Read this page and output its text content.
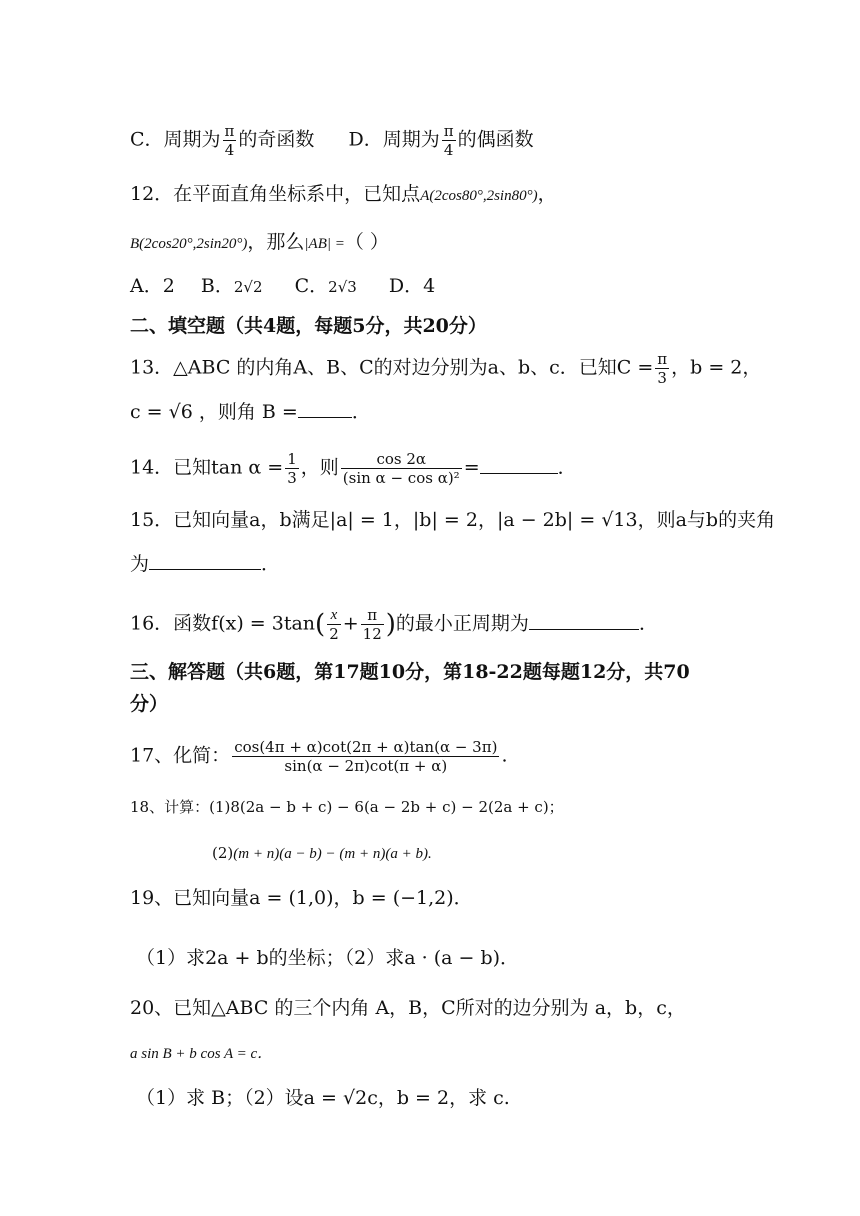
C．周期为 $\frac{\pi}{4}$ 的奇函数 D．周期为 $\frac{\pi}{4}$ 的偶函数
12．在平面直角坐标系中，已知点A(2cos80°,2sin80°)，
B(2cos20°,2sin20°)，那么|AB| =（ ）
A．2 B．2√2 C．2√3 D．4
二、填空题（共4题，每题5分，共20分）
13．△ABC 的内角A、B、C的对边分别为a、b、c．已知$C = \frac{\pi}{3}$ ，b = 2，
c = √6 ，则角 B =	．
14．已知$\tan \alpha = \frac{1}{3}$ ，则 $\frac{\cos 2\alpha}{\text{(sin α − cos α)²}}$ =	．
15．已知向量a，b满足|a| = 1，|b| = 2，|a − 2b| = √13，则a与b的夹角
为	．
16．函数$f(x) = 3\tan( \frac{x}{2} + \frac{\pi}{12}$ )的最小正周期为	．
三、解答题（共6题，第17题10分，第18-22题每题12分，共70
分）
17、化简： $\frac{\cos(4\pi + \alpha)\cot(2\pi + \alpha)\tan(\alpha - 3\pi)}{\sin(\alpha - 2\pi)\cot(\pi + \alpha)}$ .
18、计算：(1)8(2a − b + c) − 6(a − 2b + c) − 2(2a + c)；
(2)(m + n)(a − b) − (m + n)(a + b).
19、已知向量a = (1,0)，b = (−1,2)．
（1）求2a + b的坐标；（2）求a · (a − b)．
20、已知△ABC 的三个内角 A，B，C所对的边分别为 a，b，c，
a sin B + b cos A = c．
（1）求 B；（2）设a = √2c，b = 2，求 c.
